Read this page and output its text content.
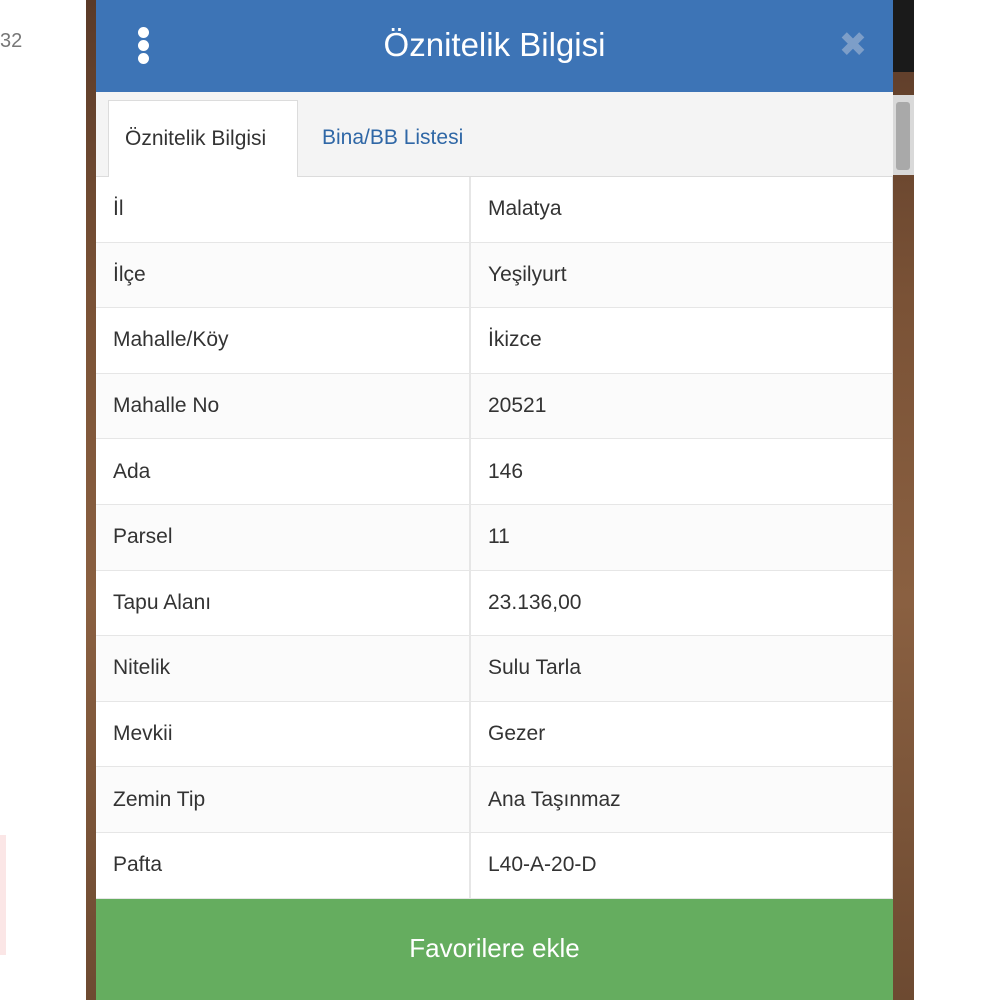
32	Öznitelik Bilgisi	✖
Öznitelik Bilgisi	Bina/BB Listesi
İl	Malatya
İlçe	Yeşilyurt
Mahalle/Köy	İkizce
Mahalle No	20521
Ada	146
Parsel	11
Tapu Alanı	23.136,00
Nitelik	Sulu Tarla
Mevkii	Gezer
Zemin Tip	Ana Taşınmaz
Pafta	L40-A-20-D
Favorilere ekle
